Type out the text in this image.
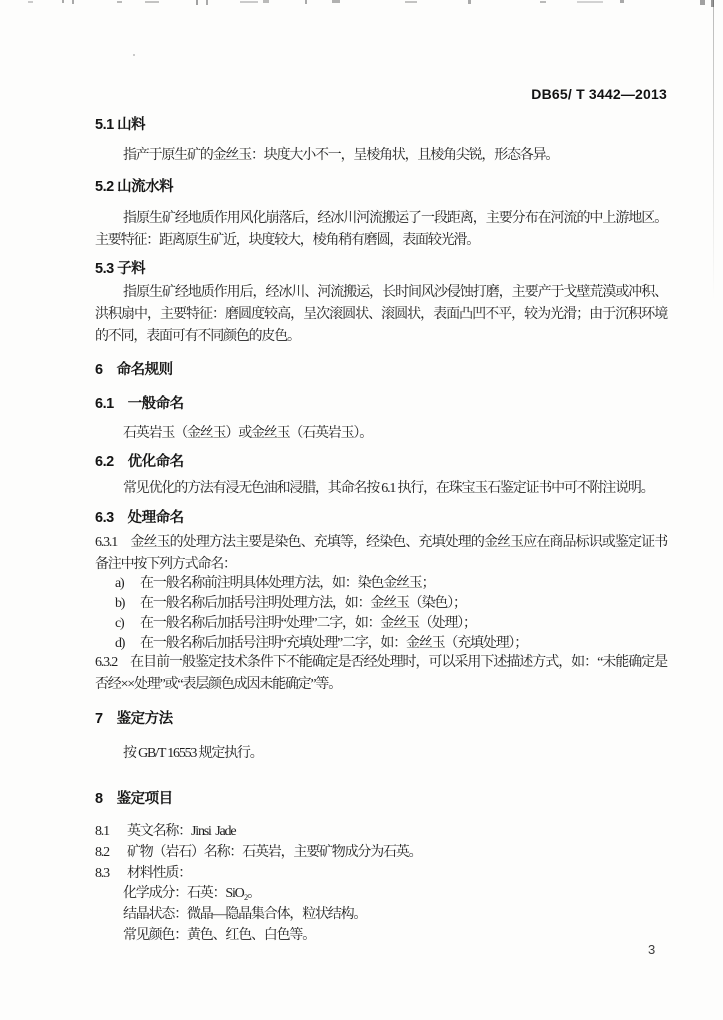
DB65/ T 3442—2013
5.1 山料

指产于原生矿的金丝玉：块度大小不一，呈棱角状，且棱角尖锐，形态各异。

5.2 山流水料

指原生矿经地质作用风化崩落后，经冰川河流搬运了一段距离，主要分布在河流的中上游地区。主要特征：距离原生矿近，块度较大，棱角稍有磨圆，表面较光滑。

5.3 子料

指原生矿经地质作用后，经冰川、河流搬运，长时间风沙侵蚀打磨，主要产于戈壁荒漠或冲积、洪积扇中，主要特征：磨圆度较高，呈次滚圆状、滚圆状，表面凸凹不平，较为光滑；由于沉积环境的不同，表面可有不同颜色的皮色。

6　命名规则
6.1　一般命名

石英岩玉（金丝玉）或金丝玉（石英岩玉）。

6.2　优化命名

常见优化的方法有浸无色油和浸腊，其命名按 6.1 执行，在珠宝玉石鉴定证书中可不附注说明。

6.3　处理命名

6.3.1　金丝玉的处理方法主要是染色、充填等，经染色、充填处理的金丝玉应在商品标识或鉴定证书备注中按下列方式命名：

a)	在一般名称前注明具体处理方法，如：染色金丝玉；
b)	在一般名称后加括号注明处理方法，如：金丝玉（染色）；
c)	在一般名称后加括号注明“处理”二字，如：金丝玉（处理）；
d)	在一般名称后加括号注明“充填处理”二字，如：金丝玉（充填处理）；

6.3.2　在目前一般鉴定技术条件下不能确定是否经处理时，可以采用下述描述方式，如：“未能确定是否经××处理”或“表层颜色成因未能确定”等。

7　鉴定方法

按 GB/T 16553 规定执行。

8　鉴定项目
8.1	英文名称：Jinsi  Jade
8.2	矿物（岩石）名称：石英岩，主要矿物成分为石英。
8.3	材料性质：
化学成分：石英：SiO₂。
结晶状态：微晶—隐晶集合体，粒状结构。
常见颜色：黄色、红色、白色等。
3
